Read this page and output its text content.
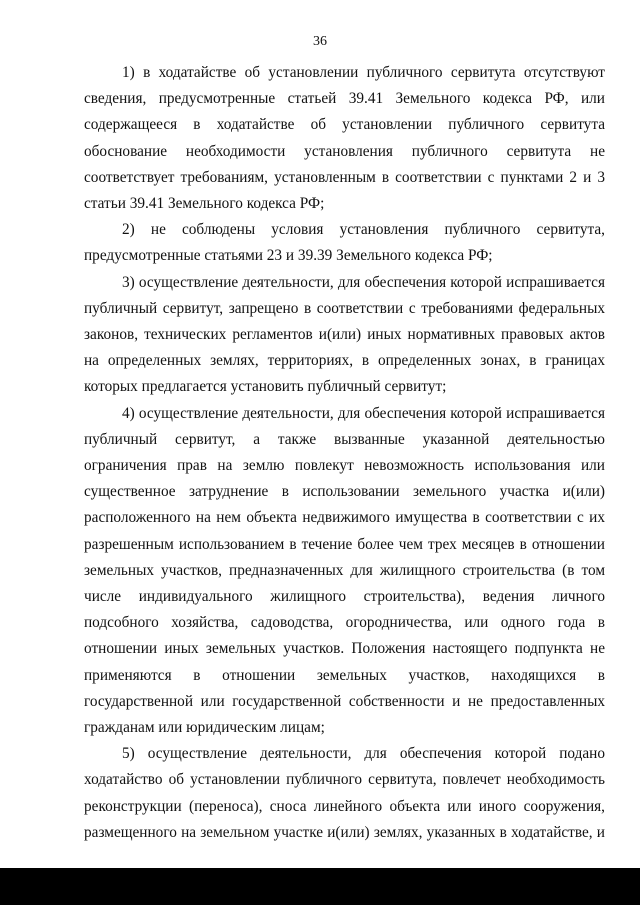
36

1) в ходатайстве об установлении публичного сервитута отсутствуют сведения, предусмотренные статьей 39.41 Земельного кодекса РФ, или содержащееся в ходатайстве об установлении публичного сервитута обоснование необходимости установления публичного сервитута не соответствует требованиям, установленным в соответствии с пунктами 2 и 3 статьи 39.41 Земельного кодекса РФ;

2) не соблюдены условия установления публичного сервитута, предусмотренные статьями 23 и 39.39 Земельного кодекса РФ;

3) осуществление деятельности, для обеспечения которой испрашивается публичный сервитут, запрещено в соответствии с требованиями федеральных законов, технических регламентов и(или) иных нормативных правовых актов на определенных землях, территориях, в определенных зонах, в границах которых предлагается установить публичный сервитут;

4) осуществление деятельности, для обеспечения которой испрашивается публичный сервитут, а также вызванные указанной деятельностью ограничения прав на землю повлекут невозможность использования или существенное затруднение в использовании земельного участка и(или) расположенного на нем объекта недвижимого имущества в соответствии с их разрешенным использованием в течение более чем трех месяцев в отношении земельных участков, предназначенных для жилищного строительства (в том числе индивидуального жилищного строительства), ведения личного подсобного хозяйства, садоводства, огородничества, или одного года в отношении иных земельных участков. Положения настоящего подпункта не применяются в отношении земельных участков, находящихся в государственной или государственной собственности и не предоставленных гражданам или юридическим лицам;

5) осуществление деятельности, для обеспечения которой подано ходатайство об установлении публичного сервитута, повлечет необходимость реконструкции (переноса), сноса линейного объекта или иного сооружения, размещенного на земельном участке и(или) землях, указанных в ходатайстве, и
